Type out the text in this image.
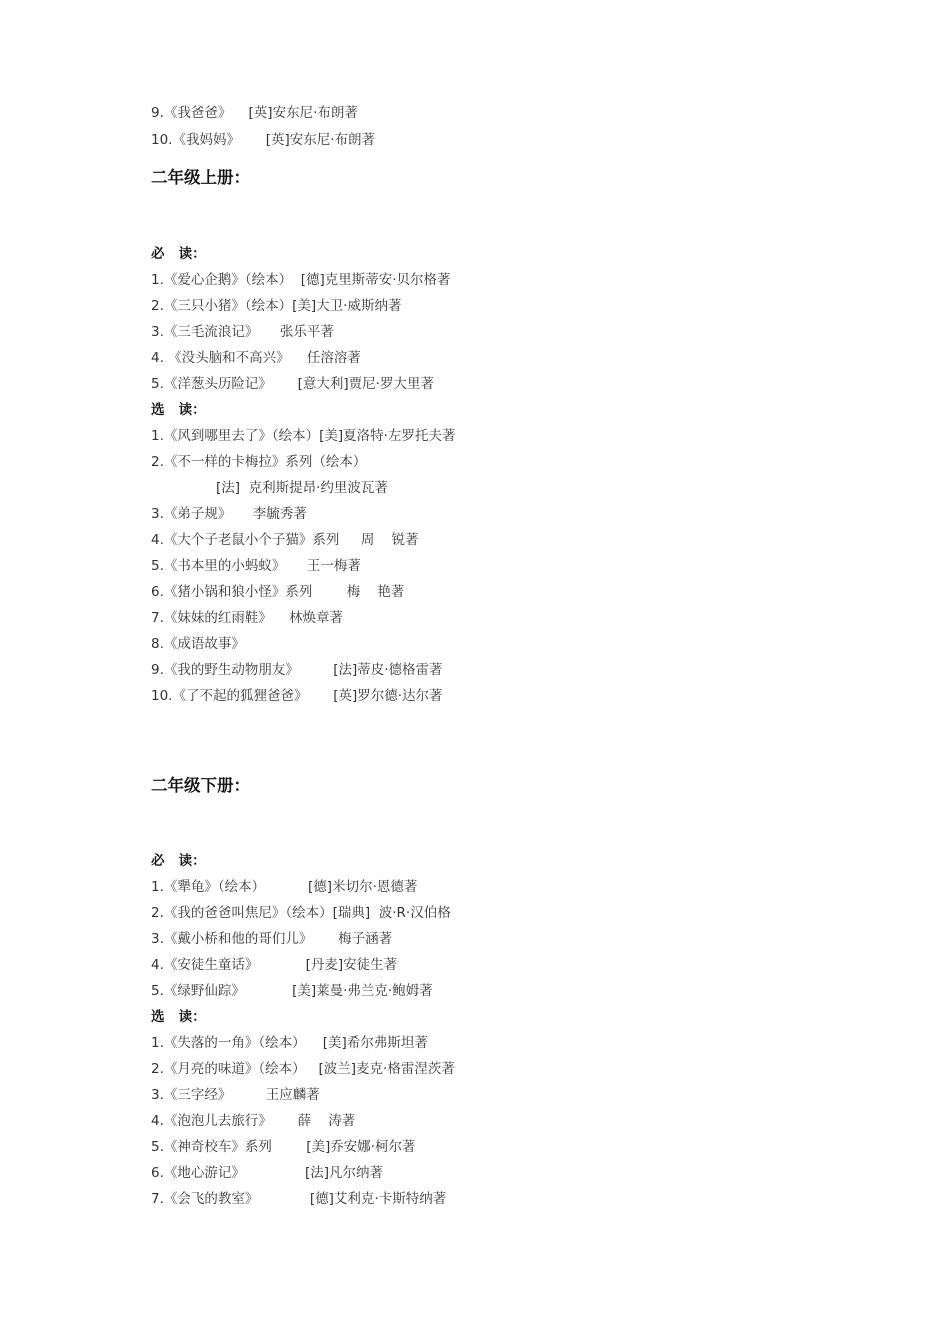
9.《我爸爸》    [英]安东尼·布朗著
10.《我妈妈》      [英]安东尼·布朗著
二年级上册：
必   读：
1.《爱心企鹅》（绘本）  [德]克里斯蒂安·贝尔格著
2.《三只小猪》（绘本）[美]大卫·威斯纳著
3.《三毛流浪记》     张乐平著
4. 《没头脑和不高兴》    任溶溶著
5.《洋葱头历险记》      [意大利]贾尼·罗大里著
选   读：
1.《风到哪里去了》（绘本）[美]夏洛特·左罗托夫著
2.《不一样的卡梅拉》系列（绘本）
[法]  克利斯提昂·约里波瓦著
3.《弟子规》     李毓秀著
4.《大个子老鼠小个子猫》系列     周    锐著
5.《书本里的小蚂蚁》     王一梅著
6.《猪小锅和狼小怪》系列        梅    艳著
7.《妹妹的红雨鞋》    林焕章著
8.《成语故事》
9.《我的野生动物朋友》        [法]蒂皮·德格雷著
10.《了不起的狐狸爸爸》      [英]罗尔德·达尔著
二年级下册：
必   读：
1.《犟龟》（绘本）          [德]米切尔·恩德著
2.《我的爸爸叫焦尼》（绘本）[瑞典]  波·R·汉伯格
3.《戴小桥和他的哥们儿》      梅子涵著
4.《安徒生童话》           [丹麦]安徒生著
5.《绿野仙踪》           [美]莱曼·弗兰克·鲍姆著
选   读：
1.《失落的一角》（绘本）    [美]希尔弗斯坦著
2.《月亮的味道》（绘本）   [波兰]麦克·格雷涅茨著
3.《三字经》        王应麟著
4.《泡泡儿去旅行》      薛    涛著
5.《神奇校车》系列        [美]乔安娜·柯尔著
6.《地心游记》              [法]凡尔纳著
7.《会飞的教室》            [德]艾利克·卡斯特纳著
